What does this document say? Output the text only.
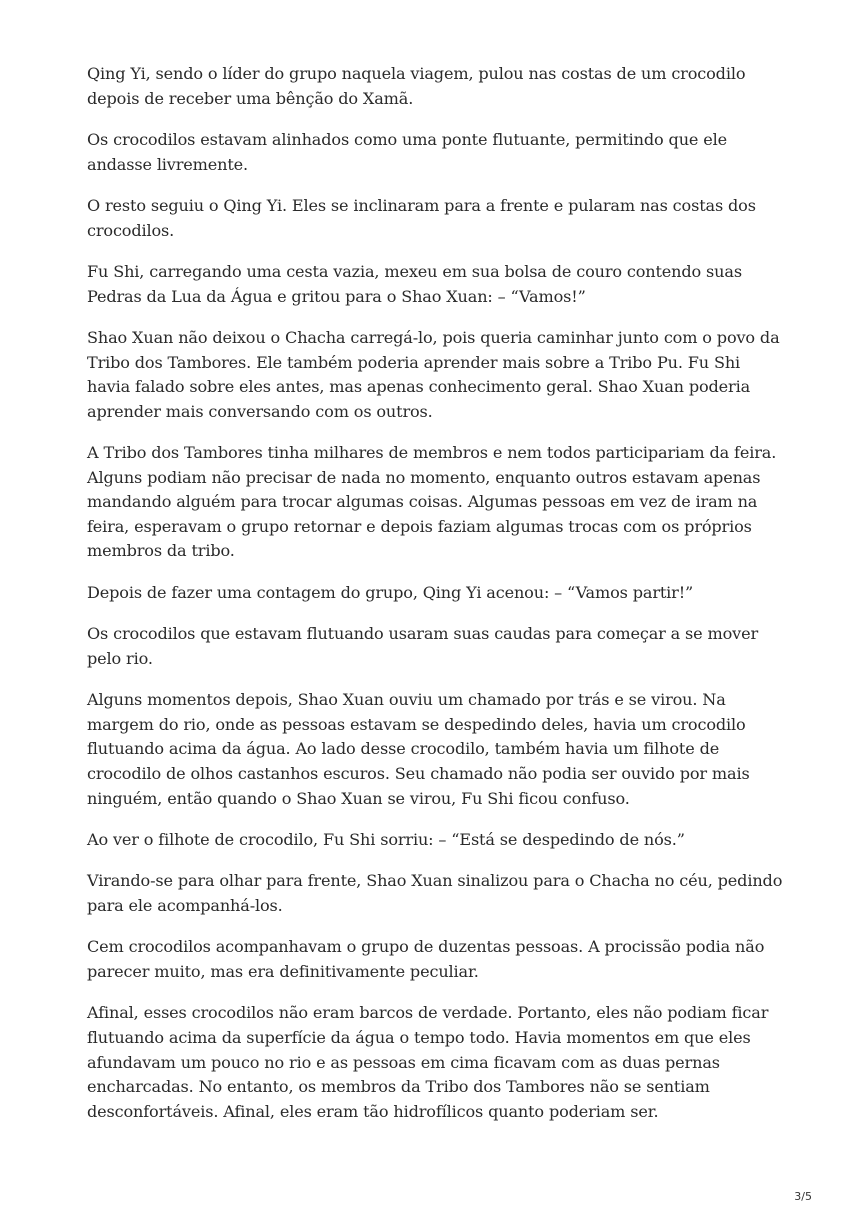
Qing Yi, sendo o líder do grupo naquela viagem, pulou nas costas de um crocodilo depois de receber uma bênção do Xamã.

Os crocodilos estavam alinhados como uma ponte flutuante, permitindo que ele andasse livremente.

O resto seguiu o Qing Yi. Eles se inclinaram para a frente e pularam nas costas dos crocodilos.

Fu Shi, carregando uma cesta vazia, mexeu em sua bolsa de couro contendo suas Pedras da Lua da Água e gritou para o Shao Xuan: – “Vamos!”

Shao Xuan não deixou o Chacha carregá-lo, pois queria caminhar junto com o povo da Tribo dos Tambores. Ele também poderia aprender mais sobre a Tribo Pu. Fu Shi havia falado sobre eles antes, mas apenas conhecimento geral. Shao Xuan poderia aprender mais conversando com os outros.

A Tribo dos Tambores tinha milhares de membros e nem todos participariam da feira. Alguns podiam não precisar de nada no momento, enquanto outros estavam apenas mandando alguém para trocar algumas coisas. Algumas pessoas em vez de iram na feira, esperavam o grupo retornar e depois faziam algumas trocas com os próprios membros da tribo.

Depois de fazer uma contagem do grupo, Qing Yi acenou: – “Vamos partir!”

Os crocodilos que estavam flutuando usaram suas caudas para começar a se mover pelo rio.

Alguns momentos depois, Shao Xuan ouviu um chamado por trás e se virou. Na margem do rio, onde as pessoas estavam se despedindo deles, havia um crocodilo flutuando acima da água. Ao lado desse crocodilo, também havia um filhote de crocodilo de olhos castanhos escuros. Seu chamado não podia ser ouvido por mais ninguém, então quando o Shao Xuan se virou, Fu Shi ficou confuso.

Ao ver o filhote de crocodilo, Fu Shi sorriu: – “Está se despedindo de nós.”

Virando-se para olhar para frente, Shao Xuan sinalizou para o Chacha no céu, pedindo para ele acompanhá-los.

Cem crocodilos acompanhavam o grupo de duzentas pessoas. A procissão podia não parecer muito, mas era definitivamente peculiar.

Afinal, esses crocodilos não eram barcos de verdade. Portanto, eles não podiam ficar flutuando acima da superfície da água o tempo todo. Havia momentos em que eles afundavam um pouco no rio e as pessoas em cima ficavam com as duas pernas encharcadas. No entanto, os membros da Tribo dos Tambores não se sentiam desconfortáveis. Afinal, eles eram tão hidrofílicos quanto poderiam ser.

3/5
